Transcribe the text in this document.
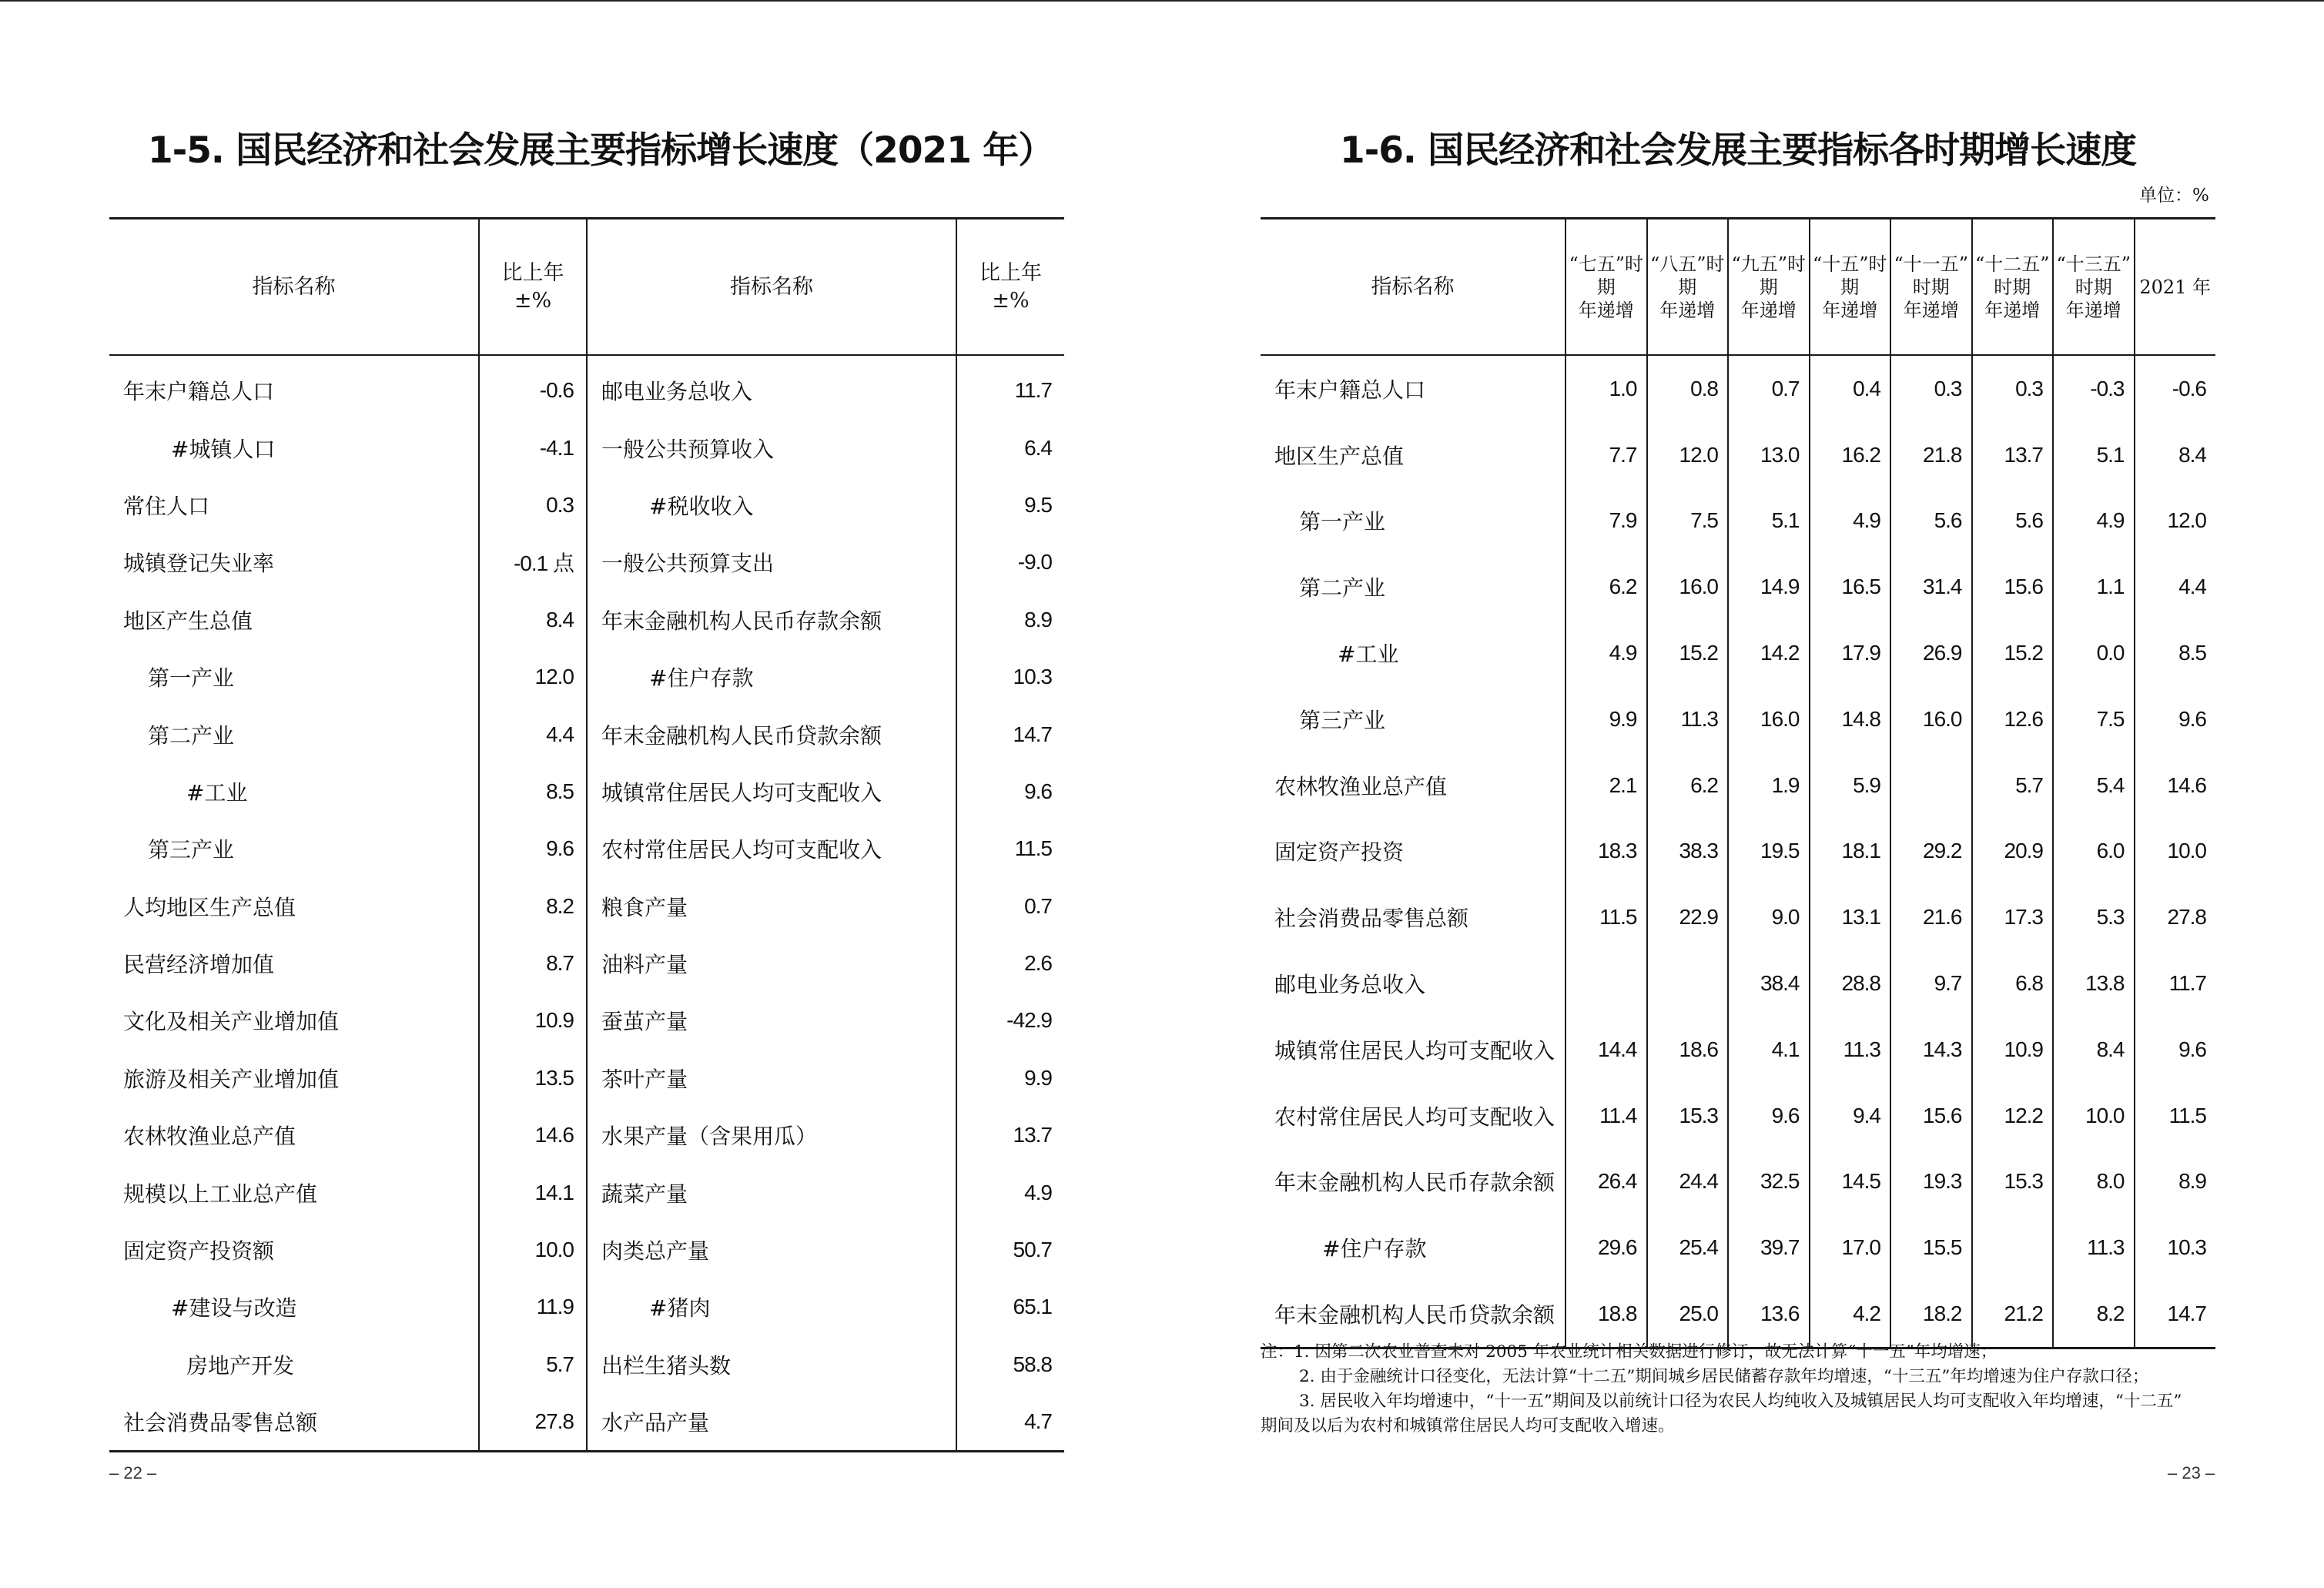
1-5. 国民经济和社会发展主要指标增长速度（2021 年）
指标名称	比上年
±%	指标名称	比上年
±%

年末户籍总人口	-0.6	邮电业务总收入	11.7
#城镇人口	-4.1	一般公共预算收入	6.4
常住人口	0.3	#税收收入	9.5
城镇登记失业率	-0.1 点	一般公共预算支出	-9.0
地区产生总值	8.4	年末金融机构人民币存款余额	8.9
第一产业	12.0	#住户存款	10.3
第二产业	4.4	年末金融机构人民币贷款余额	14.7
#工业	8.5	城镇常住居民人均可支配收入	9.6
第三产业	9.6	农村常住居民人均可支配收入	11.5
人均地区生产总值	8.2	粮食产量	0.7
民营经济增加值	8.7	油料产量	2.6
文化及相关产业增加值	10.9	蚕茧产量	-42.9
旅游及相关产业增加值	13.5	茶叶产量	9.9
农林牧渔业总产值	14.6	水果产量（含果用瓜）	13.7
规模以上工业总产值	14.1	蔬菜产量	4.9
固定资产投资额	10.0	肉类总产量	50.7
#建设与改造	11.9	#猪肉	65.1
房地产开发	5.7	出栏生猪头数	58.8
社会消费品零售总额	27.8	水产品产量	4.7
– 22 –
1-6. 国民经济和社会发展主要指标各时期增长速度
单位：%
指标名称	“七五”时
期
年递增	“八五”时
期
年递增	“九五”时
期
年递增	“十五”时
期
年递增	“十一五”
时期
年递增	“十二五”
时期
年递增	“十三五”
时期
年递增	2021 年
年末户籍总人口	1.0	0.8	0.7	0.4	0.3	0.3	-0.3	-0.6
地区生产总值	7.7	12.0	13.0	16.2	21.8	13.7	5.1	8.4
第一产业	7.9	7.5	5.1	4.9	5.6	5.6	4.9	12.0
第二产业	6.2	16.0	14.9	16.5	31.4	15.6	1.1	4.4
#工业	4.9	15.2	14.2	17.9	26.9	15.2	0.0	8.5
第三产业	9.9	11.3	16.0	14.8	16.0	12.6	7.5	9.6
农林牧渔业总产值	2.1	6.2	1.9	5.9		5.7	5.4	14.6
固定资产投资	18.3	38.3	19.5	18.1	29.2	20.9	6.0	10.0
社会消费品零售总额	11.5	22.9	9.0	13.1	21.6	17.3	5.3	27.8
邮电业务总收入			38.4	28.8	9.7	6.8	13.8	11.7
城镇常住居民人均可支配收入	14.4	18.6	4.1	11.3	14.3	10.9	8.4	9.6
农村常住居民人均可支配收入	11.4	15.3	9.6	9.4	15.6	12.2	10.0	11.5
年末金融机构人民币存款余额	26.4	24.4	32.5	14.5	19.3	15.3	8.0	8.9
#住户存款	29.6	25.4	39.7	17.0	15.5		11.3	10.3
年末金融机构人民币贷款余额	18.8	25.0	13.6	4.2	18.2	21.2	8.2	14.7
注：1. 因第二次农业普查未对 2005 年农业统计相关数据进行修订，故无法计算“十一五”年均增速；
2. 由于金融统计口径变化，无法计算“十二五”期间城乡居民储蓄存款年均增速，“十三五”年均增速为住户存款口径；
3. 居民收入年均增速中，“十一五”期间及以前统计口径为农民人均纯收入及城镇居民人均可支配收入年均增速，“十二五”
期间及以后为农村和城镇常住居民人均可支配收入增速。
– 23 –
